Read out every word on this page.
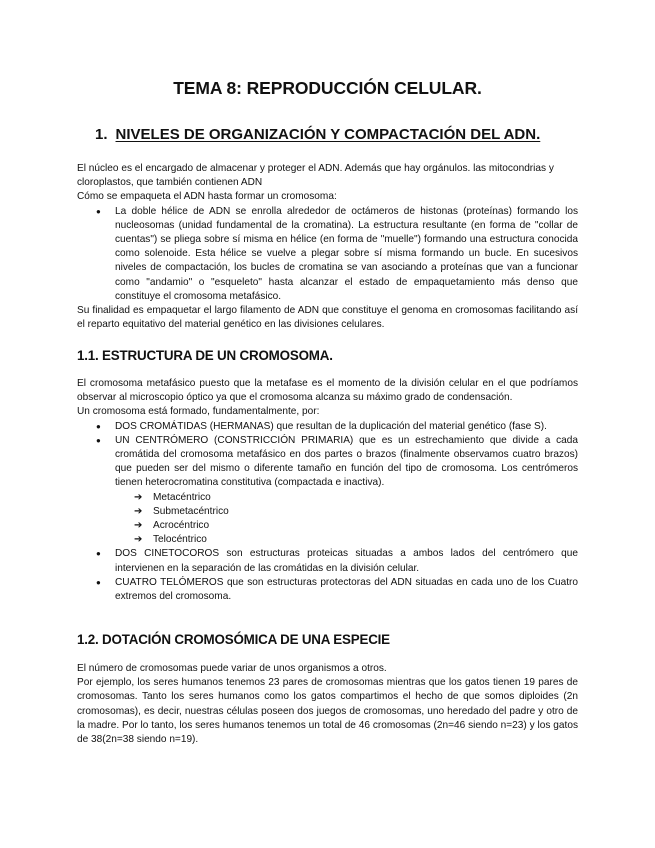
TEMA 8: REPRODUCCIÓN CELULAR.
1. NIVELES DE ORGANIZACIÓN Y COMPACTACIÓN DEL ADN.

El núcleo es el encargado de almacenar y proteger el ADN. Además que hay orgánulos. las mitocondrias y cloroplastos, que también contienen ADN

Cómo se empaqueta el ADN hasta formar un cromosoma:

● La doble hélice de ADN se enrolla alrededor de octámeros de histonas (proteínas) formando los nucleosomas (unidad fundamental de la cromatina). La estructura resultante (en forma de "collar de cuentas") se pliega sobre sí misma en hélice (en forma de "muelle") formando una estructura conocida como solenoide. Esta hélice se vuelve a plegar sobre sí misma formando un bucle. En sucesivos niveles de compactación, los bucles de cromatina se van asociando a proteínas que van a funcionar como "andamio" o "esqueleto" hasta alcanzar el estado de empaquetamiento más denso que constituye el cromosoma metafásico.

Su finalidad es empaquetar el largo filamento de ADN que constituye el genoma en cromosomas facilitando así el reparto equitativo del material genético en las divisiones celulares.

1.1. ESTRUCTURA DE UN CROMOSOMA.

El cromosoma metafásico puesto que la metafase es el momento de la división celular en el que podríamos observar al microscopio óptico ya que el cromosoma alcanza su máximo grado de condensación.

Un cromosoma está formado, fundamentalmente, por:

● DOS CROMÁTIDAS (HERMANAS) que resultan de la duplicación del material genético (fase S).
● UN CENTRÓMERO (CONSTRICCIÓN PRIMARIA) que es un estrechamiento que divide a cada cromátida del cromosoma metafásico en dos partes o brazos (finalmente observamos cuatro brazos) que pueden ser del mismo o diferente tamaño en función del tipo de cromosoma. Los centrómeros tienen heterocromatina constitutiva (compactada e inactiva).
➔ Metacéntrico
➔ Submetacéntrico
➔ Acrocéntrico
➔ Telocéntrico
● DOS CINETOCOROS son estructuras proteicas situadas a ambos lados del centrómero que intervienen en la separación de las cromátidas en la división celular.
● CUATRO TELÓMEROS que son estructuras protectoras del ADN situadas en cada uno de los Cuatro extremos del cromosoma.
1.2. DOTACIÓN CROMOSÓMICA DE UNA ESPECIE

El número de cromosomas puede variar de unos organismos a otros.

Por ejemplo, los seres humanos tenemos 23 pares de cromosomas mientras que los gatos tienen 19 pares de cromosomas. Tanto los seres humanos como los gatos compartimos el hecho de que somos diploides (2n cromosomas), es decir, nuestras células poseen dos juegos de cromosomas, uno heredado del padre y otro de la madre. Por lo tanto, los seres humanos tenemos un total de 46 cromosomas (2n=46 siendo n=23) y los gatos de 38(2n=38 siendo n=19).
